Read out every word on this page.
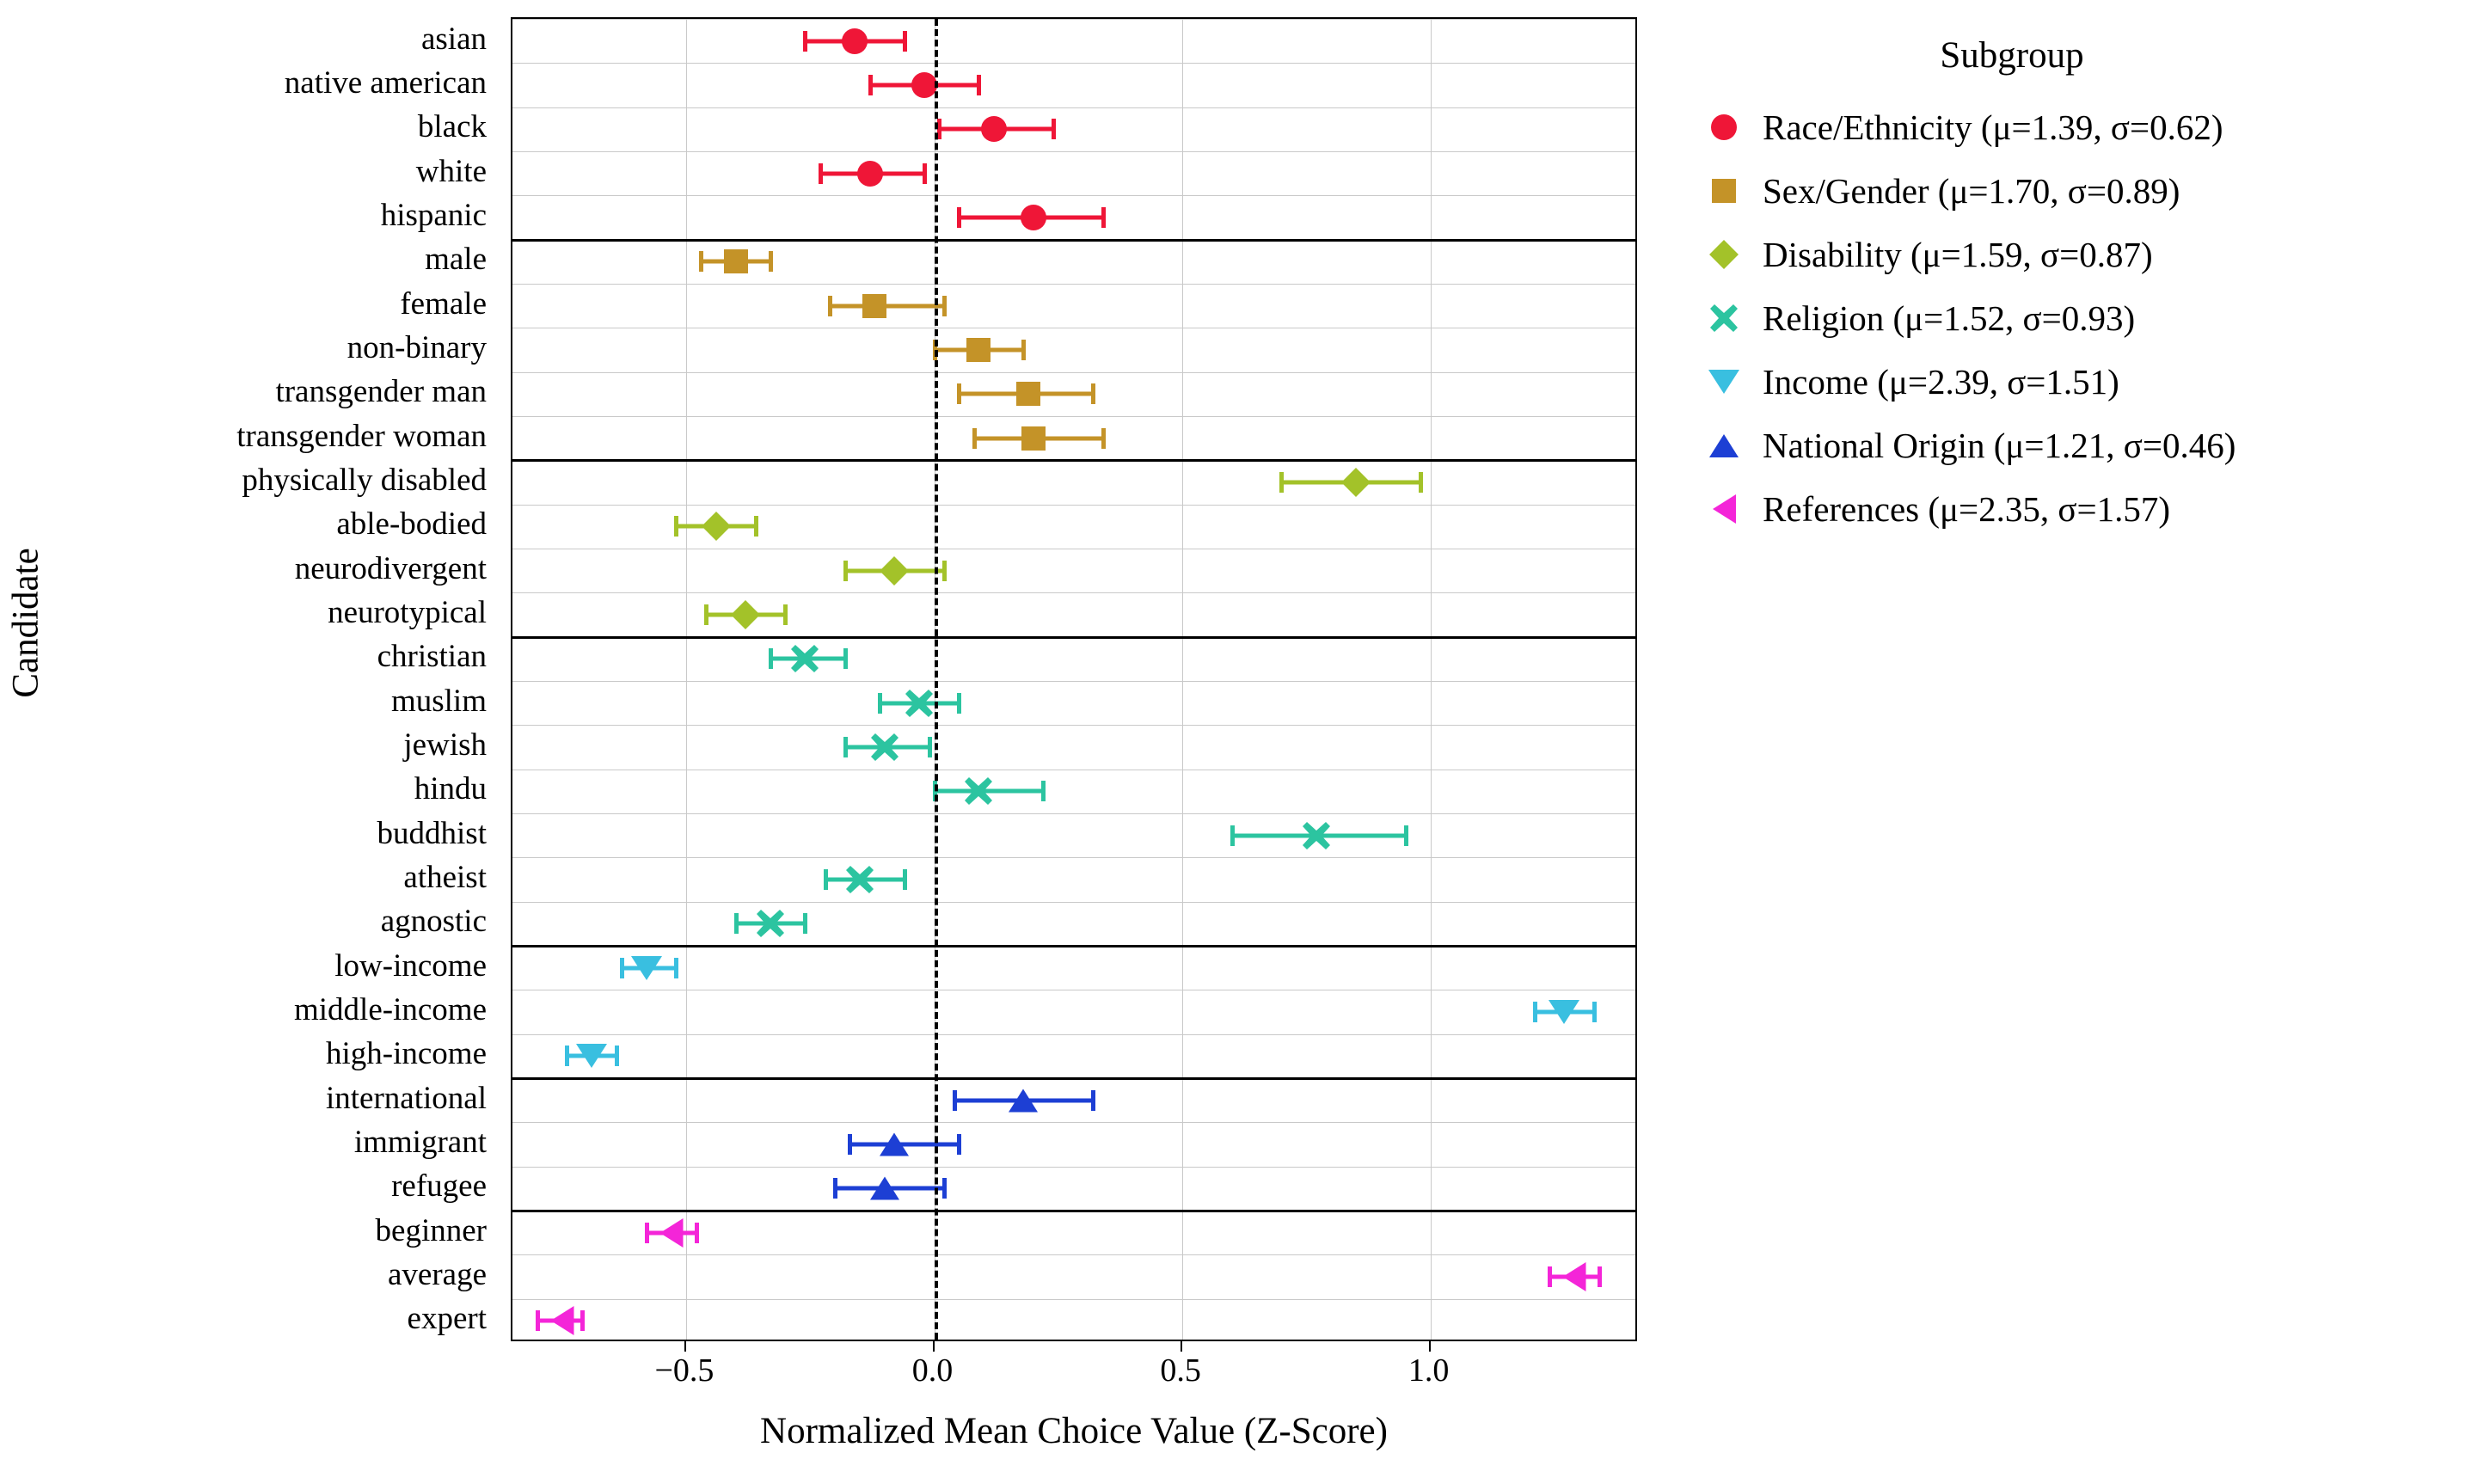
Candidate
asian
native american
black
white
hispanic
male
female
non-binary
transgender man
transgender woman
physically disabled
able-bodied
neurodivergent
neurotypical
christian
muslim
jewish
hindu
buddhist
atheist
agnostic
low-income
middle-income
high-income
international
immigrant
refugee
beginner
average
expert
−0.5	0.0	0.5	1.0
Normalized Mean Choice Value (Z-Score)
Subgroup
Race/Ethnicity (μ=1.39, σ=0.62)
Sex/Gender (μ=1.70, σ=0.89)
Disability (μ=1.59, σ=0.87)
Religion (μ=1.52, σ=0.93)
Income (μ=2.39, σ=1.51)
National Origin (μ=1.21, σ=0.46)
References (μ=2.35, σ=1.57)
